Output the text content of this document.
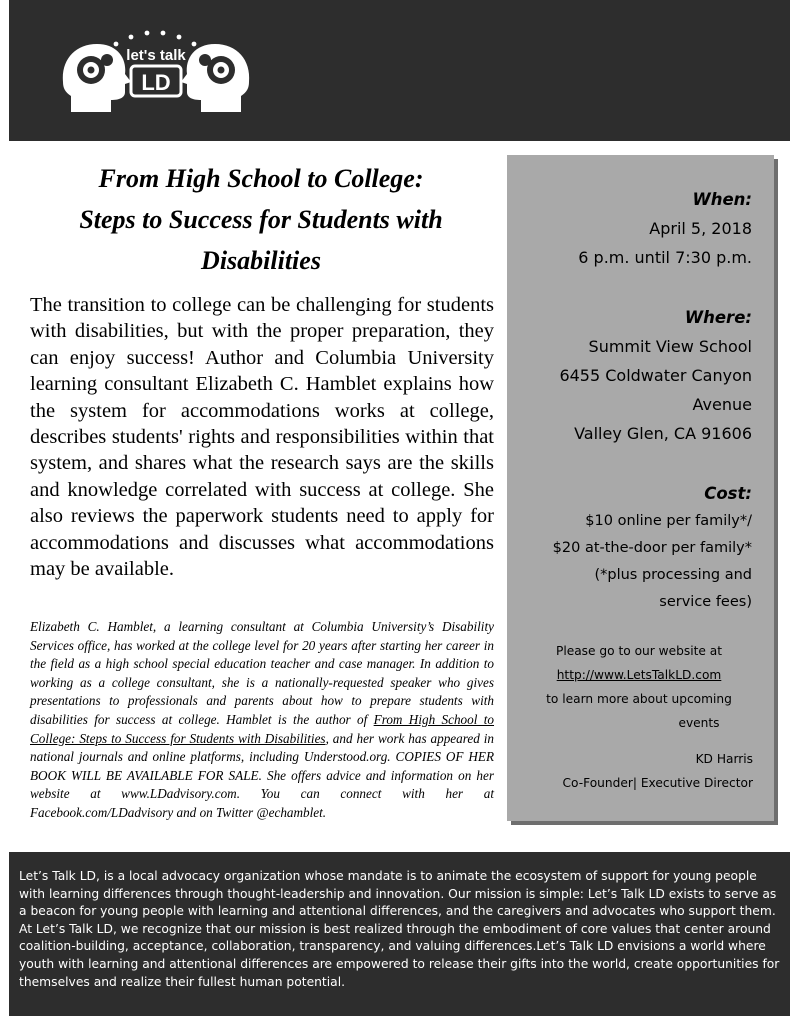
let's talk
LD
From High School to College:
Steps to Success for Students with
Disabilities

The transition to college can be challenging for students with disabilities, but with the proper preparation, they can enjoy success! Author and Columbia University learning consultant Elizabeth C. Hamblet explains how the system for accommodations works at college, describes students' rights and responsibilities within that system, and shares what the research says are the skills and knowledge correlated with success at college. She also reviews the paperwork students need to apply for accommodations and discusses what accommodations may be available.

Elizabeth C. Hamblet, a learning consultant at Columbia University’s Disability Services office, has worked at the college level for 20 years after starting her career in the field as a high school special education teacher and case manager. In addition to working as a college consultant, she is a nationally-requested speaker who gives presentations to professionals and parents about how to prepare students with disabilities for success at college. Hamblet is the author of From High School to College: Steps to Success for Students with Disabilities, and her work has appeared in national journals and online platforms, including Understood.org. COPIES OF HER BOOK WILL BE AVAILABLE FOR SALE. She offers advice and information on her website at www.LDadvisory.com. You can connect with her at Facebook.com/LDadvisory and on Twitter @echamblet.

When:
April 5, 2018
6 p.m. until 7:30 p.m.
Where:
Summit View School
6455 Coldwater Canyon
Avenue
Valley Glen, CA 91606
Cost:
$10 online per family*/
$20 at-the-door per family*
(*plus processing and
service fees)
Please go to our website at
http://www.LetsTalkLD.com
to learn more about upcoming
events
KD Harris
Co-Founder| Executive Director

Let’s Talk LD, is a local advocacy organization whose mandate is to animate the ecosystem of support for young people with learning differences through thought-leadership and innovation. Our mission is simple: Let’s Talk LD exists to serve as a beacon for young people with learning and attentional differences, and the caregivers and advocates who support them. At Let’s Talk LD, we recognize that our mission is best realized through the embodiment of core values that center around coalition-building, acceptance, collaboration, transparency, and valuing differences.Let’s Talk LD envisions a world where youth with learning and attentional differences are empowered to release their gifts into the world, create opportunities for themselves and realize their fullest human potential.
